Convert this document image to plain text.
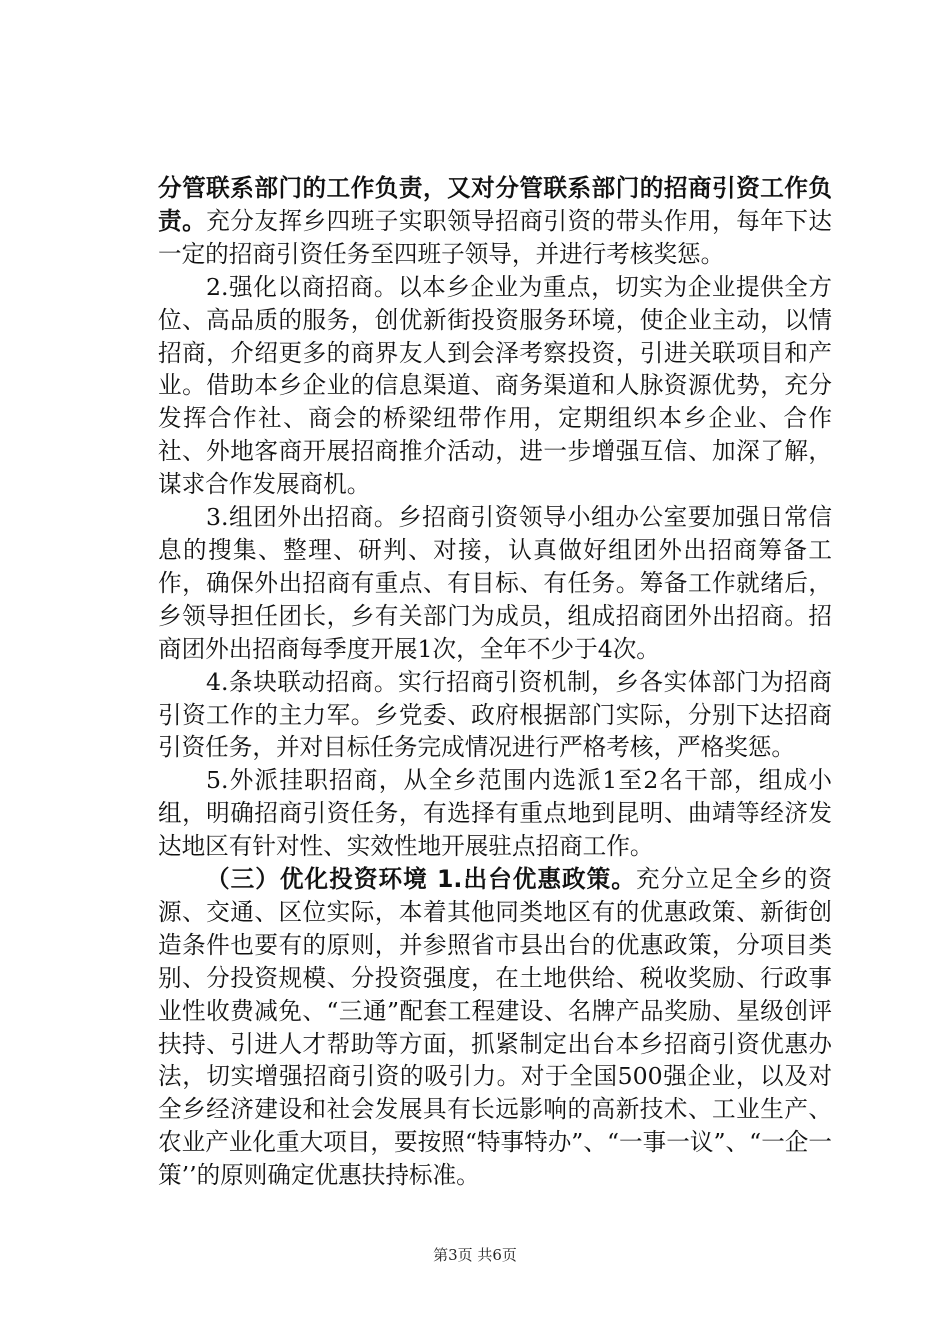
分管联系部门的工作负责，又对分管联系部门的招商引资工作负责。充分友挥乡四班子实职领导招商引资的带头作用，每年下达一定的招商引资任务至四班子领导，并进行考核奖惩。

2.强化以商招商。以本乡企业为重点，切实为企业提供全方位、高品质的服务，创优新街投资服务环境，使企业主动，以情招商，介绍更多的商界友人到会泽考察投资，引进关联项目和产业。借助本乡企业的信息渠道、商务渠道和人脉资源优势，充分发挥合作社、商会的桥梁纽带作用，定期组织本乡企业、合作社、外地客商开展招商推介活动，进一步增强互信、加深了解，谋求合作发展商机。

3.组团外出招商。乡招商引资领导小组办公室要加强日常信息的搜集、整理、研判、对接，认真做好组团外出招商筹备工作，确保外出招商有重点、有目标、有任务。筹备工作就绪后，乡领导担任团长，乡有关部门为成员，组成招商团外出招商。招商团外出招商每季度开展1次，全年不少于4次。

4.条块联动招商。实行招商引资机制，乡各实体部门为招商引资工作的主力军。乡党委、政府根据部门实际，分别下达招商引资任务，并对目标任务完成情况进行严格考核，严格奖惩。

5.外派挂职招商，从全乡范围内选派1至2名干部，组成小组，明确招商引资任务，有选择有重点地到昆明、曲靖等经济发达地区有针对性、实效性地开展驻点招商工作。

（三）优化投资环境 1.出台优惠政策。充分立足全乡的资源、交通、区位实际，本着其他同类地区有的优惠政策、新街创造条件也要有的原则，并参照省市县出台的优惠政策，分项目类别、分投资规模、分投资强度，在土地供给、税收奖励、行政事业性收费减免、“三通”配套工程建设、名牌产品奖励、星级创评扶持、引进人才帮助等方面，抓紧制定出台本乡招商引资优惠办法，切实增强招商引资的吸引力。对于全国500强企业，以及对全乡经济建设和社会发展具有长远影响的高新技术、工业生产、农业产业化重大项目，要按照“特事特办”、“一事一议”、“一企一策’’的原则确定优惠扶持标准。

第3页 共6页
